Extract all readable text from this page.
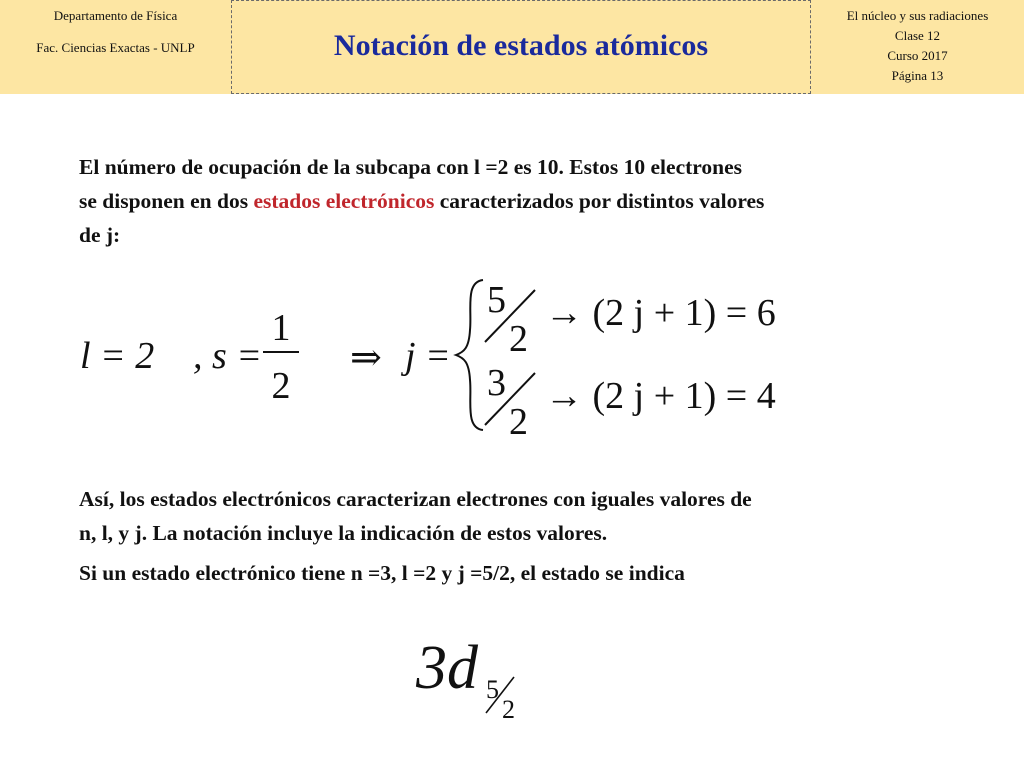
Departamento de Física
Fac. Ciencias Exactas - UNLP	Notación de estados atómicos
El núcleo y sus radiaciones
Clase 12
Curso 2017
Página 13
El número de ocupación de la subcapa con l =2 es 10. Estos 10 electrones
se disponen en dos estados electrónicos caracterizados por distintos valores
de j:
l = 2 , s =
1
2
⇒ j =
5
2
→ (2 j + 1) = 6
3
2
→ (2 j + 1) = 4
Así, los estados electrónicos caracterizan electrones con iguales valores de
n, l, y j. La notación incluye la indicación de estos valores.
Si un estado electrónico tiene n =3, l =2 y j =5/2, el estado se indica
3d 5
2
